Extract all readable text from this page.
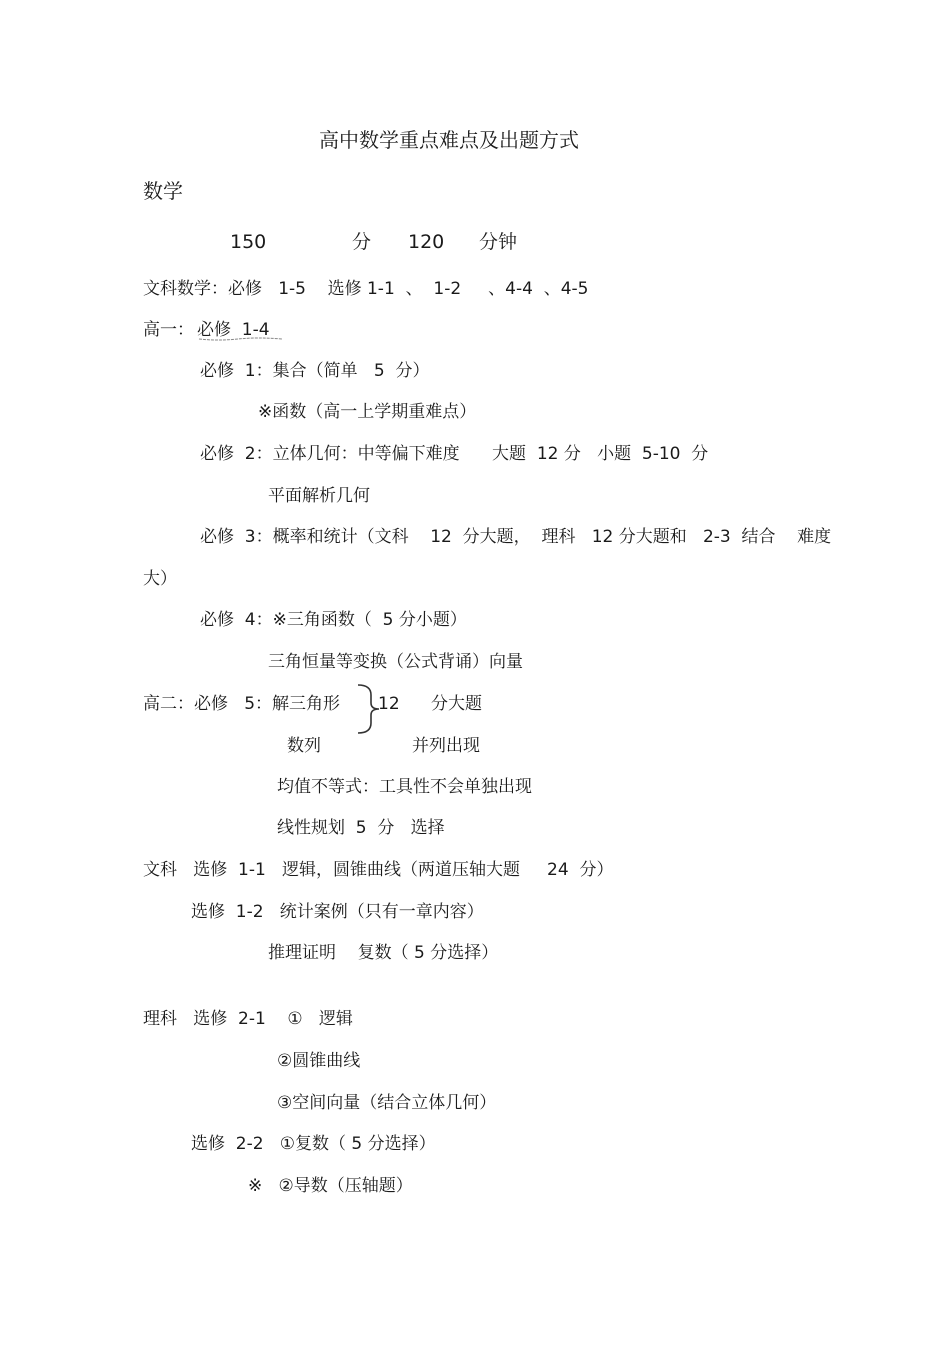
高中数学重点难点及出题方式
数学
150	分 120 分钟
文科数学：必修   1-5    选修 1-1  、  1-2     、4-4  、4-5
高一： 必修  1-4
必修  1：集合（简单   5  分）
※函数（高一上学期重难点）
必修  2：立体几何：中等偏下难度      大题  12 分   小题  5-10  分
平面解析几何
必修  3：概率和统计（文科    12  分大题，  理科   12 分大题和   2-3  结合    难度
大）
必修  4：※三角函数（  5 分小题）
三角恒量等变换（公式背诵）向量
高二：必修   5：解三角形 12 分大题
数列	并列出现
均值不等式：工具性不会单独出现
线性规划  5  分   选择
文科   选修  1-1   逻辑，圆锥曲线（两道压轴大题     24  分）
选修  1-2   统计案例（只有一章内容）
推理证明    复数（ 5 分选择）
理科   选修  2-1    ①   逻辑
②圆锥曲线
③空间向量（结合立体几何）
选修  2-2   ①复数（ 5 分选择）
※   ②导数（压轴题）
